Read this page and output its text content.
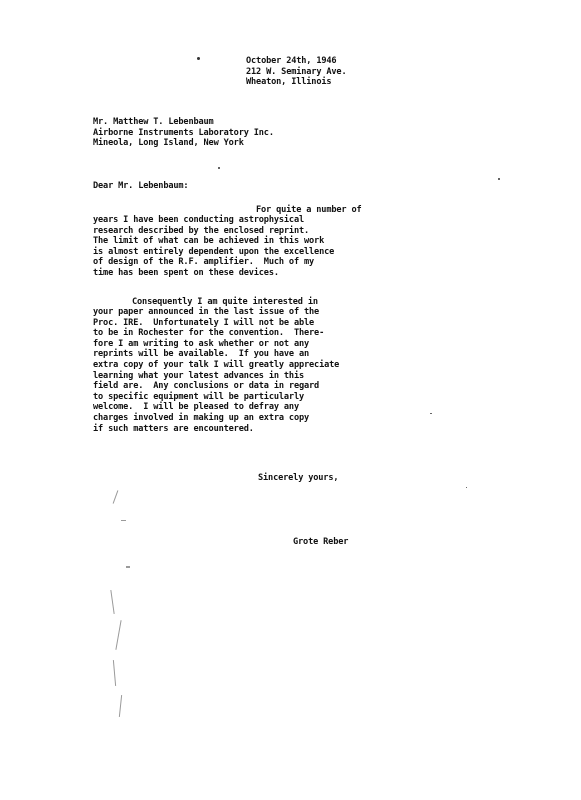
October 24th, 1946
212 W. Seminary Ave.
Wheaton, Illinois
Mr. Matthew T. Lebenbaum
Airborne Instruments Laboratory Inc.
Mineola, Long Island, New York
Dear Mr. Lebenbaum:
For quite a number of
years I have been conducting astrophysical
research described by the enclosed reprint.
The limit of what can be achieved in this work
is almost entirely dependent upon the excellence
of design of the R.F. amplifier.  Much of my
time has been spent on these devices.
Consequently I am quite interested in
your paper announced in the last issue of the
Proc. IRE.  Unfortunately I will not be able
to be in Rochester for the convention.  There-
fore I am writing to ask whether or not any
reprints will be available.  If you have an
extra copy of your talk I will greatly appreciate
learning what your latest advances in this
field are.  Any conclusions or data in regard
to specific equipment will be particularly
welcome.  I will be pleased to defray any
charges involved in making up an extra copy
if such matters are encountered.
Sincerely yours,
Grote Reber
